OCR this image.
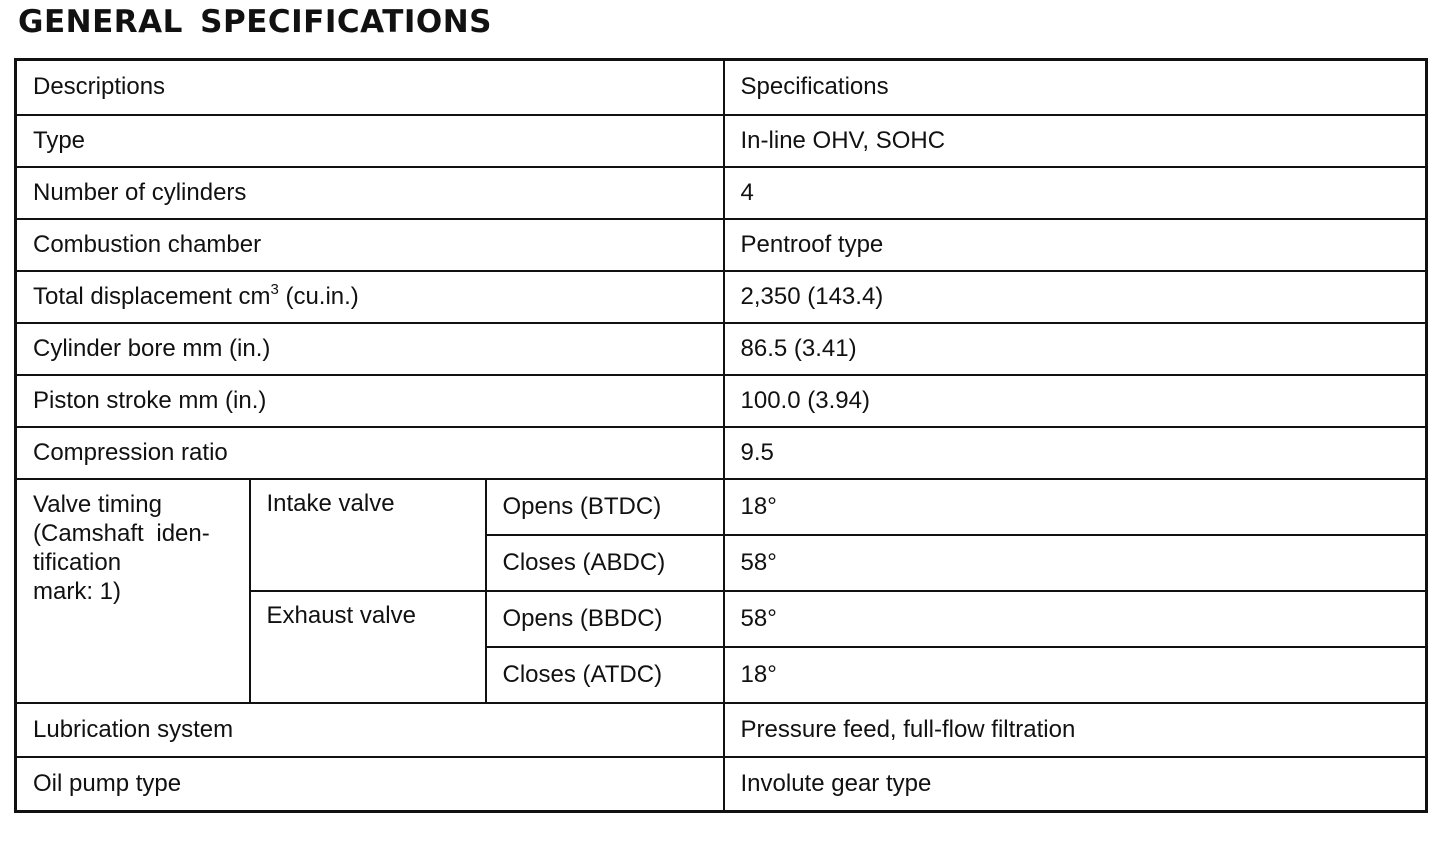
GENERAL SPECIFICATIONS
Descriptions			Specifications
Type			In-line OHV, SOHC
Number of cylinders			4
Combustion chamber			Pentroof type
Total displacement $cm^3$ (cu.in.)			2,350 (143.4)
Cylinder bore mm (in.)			86.5 (3.41)
Piston stroke mm (in.)			100.0 (3.94)
Compression ratio			9.5

Valve timing
(Camshaft iden-
tification
mark: 1)	Intake valve	Opens (BTDC)	18°
		Closes (ABDC)	58°
	Exhaust valve	Opens (BBDC)	58°
		Closes (ATDC)	18°
Lubrication system			Pressure feed, full-flow filtration
Oil pump type			Involute gear type
